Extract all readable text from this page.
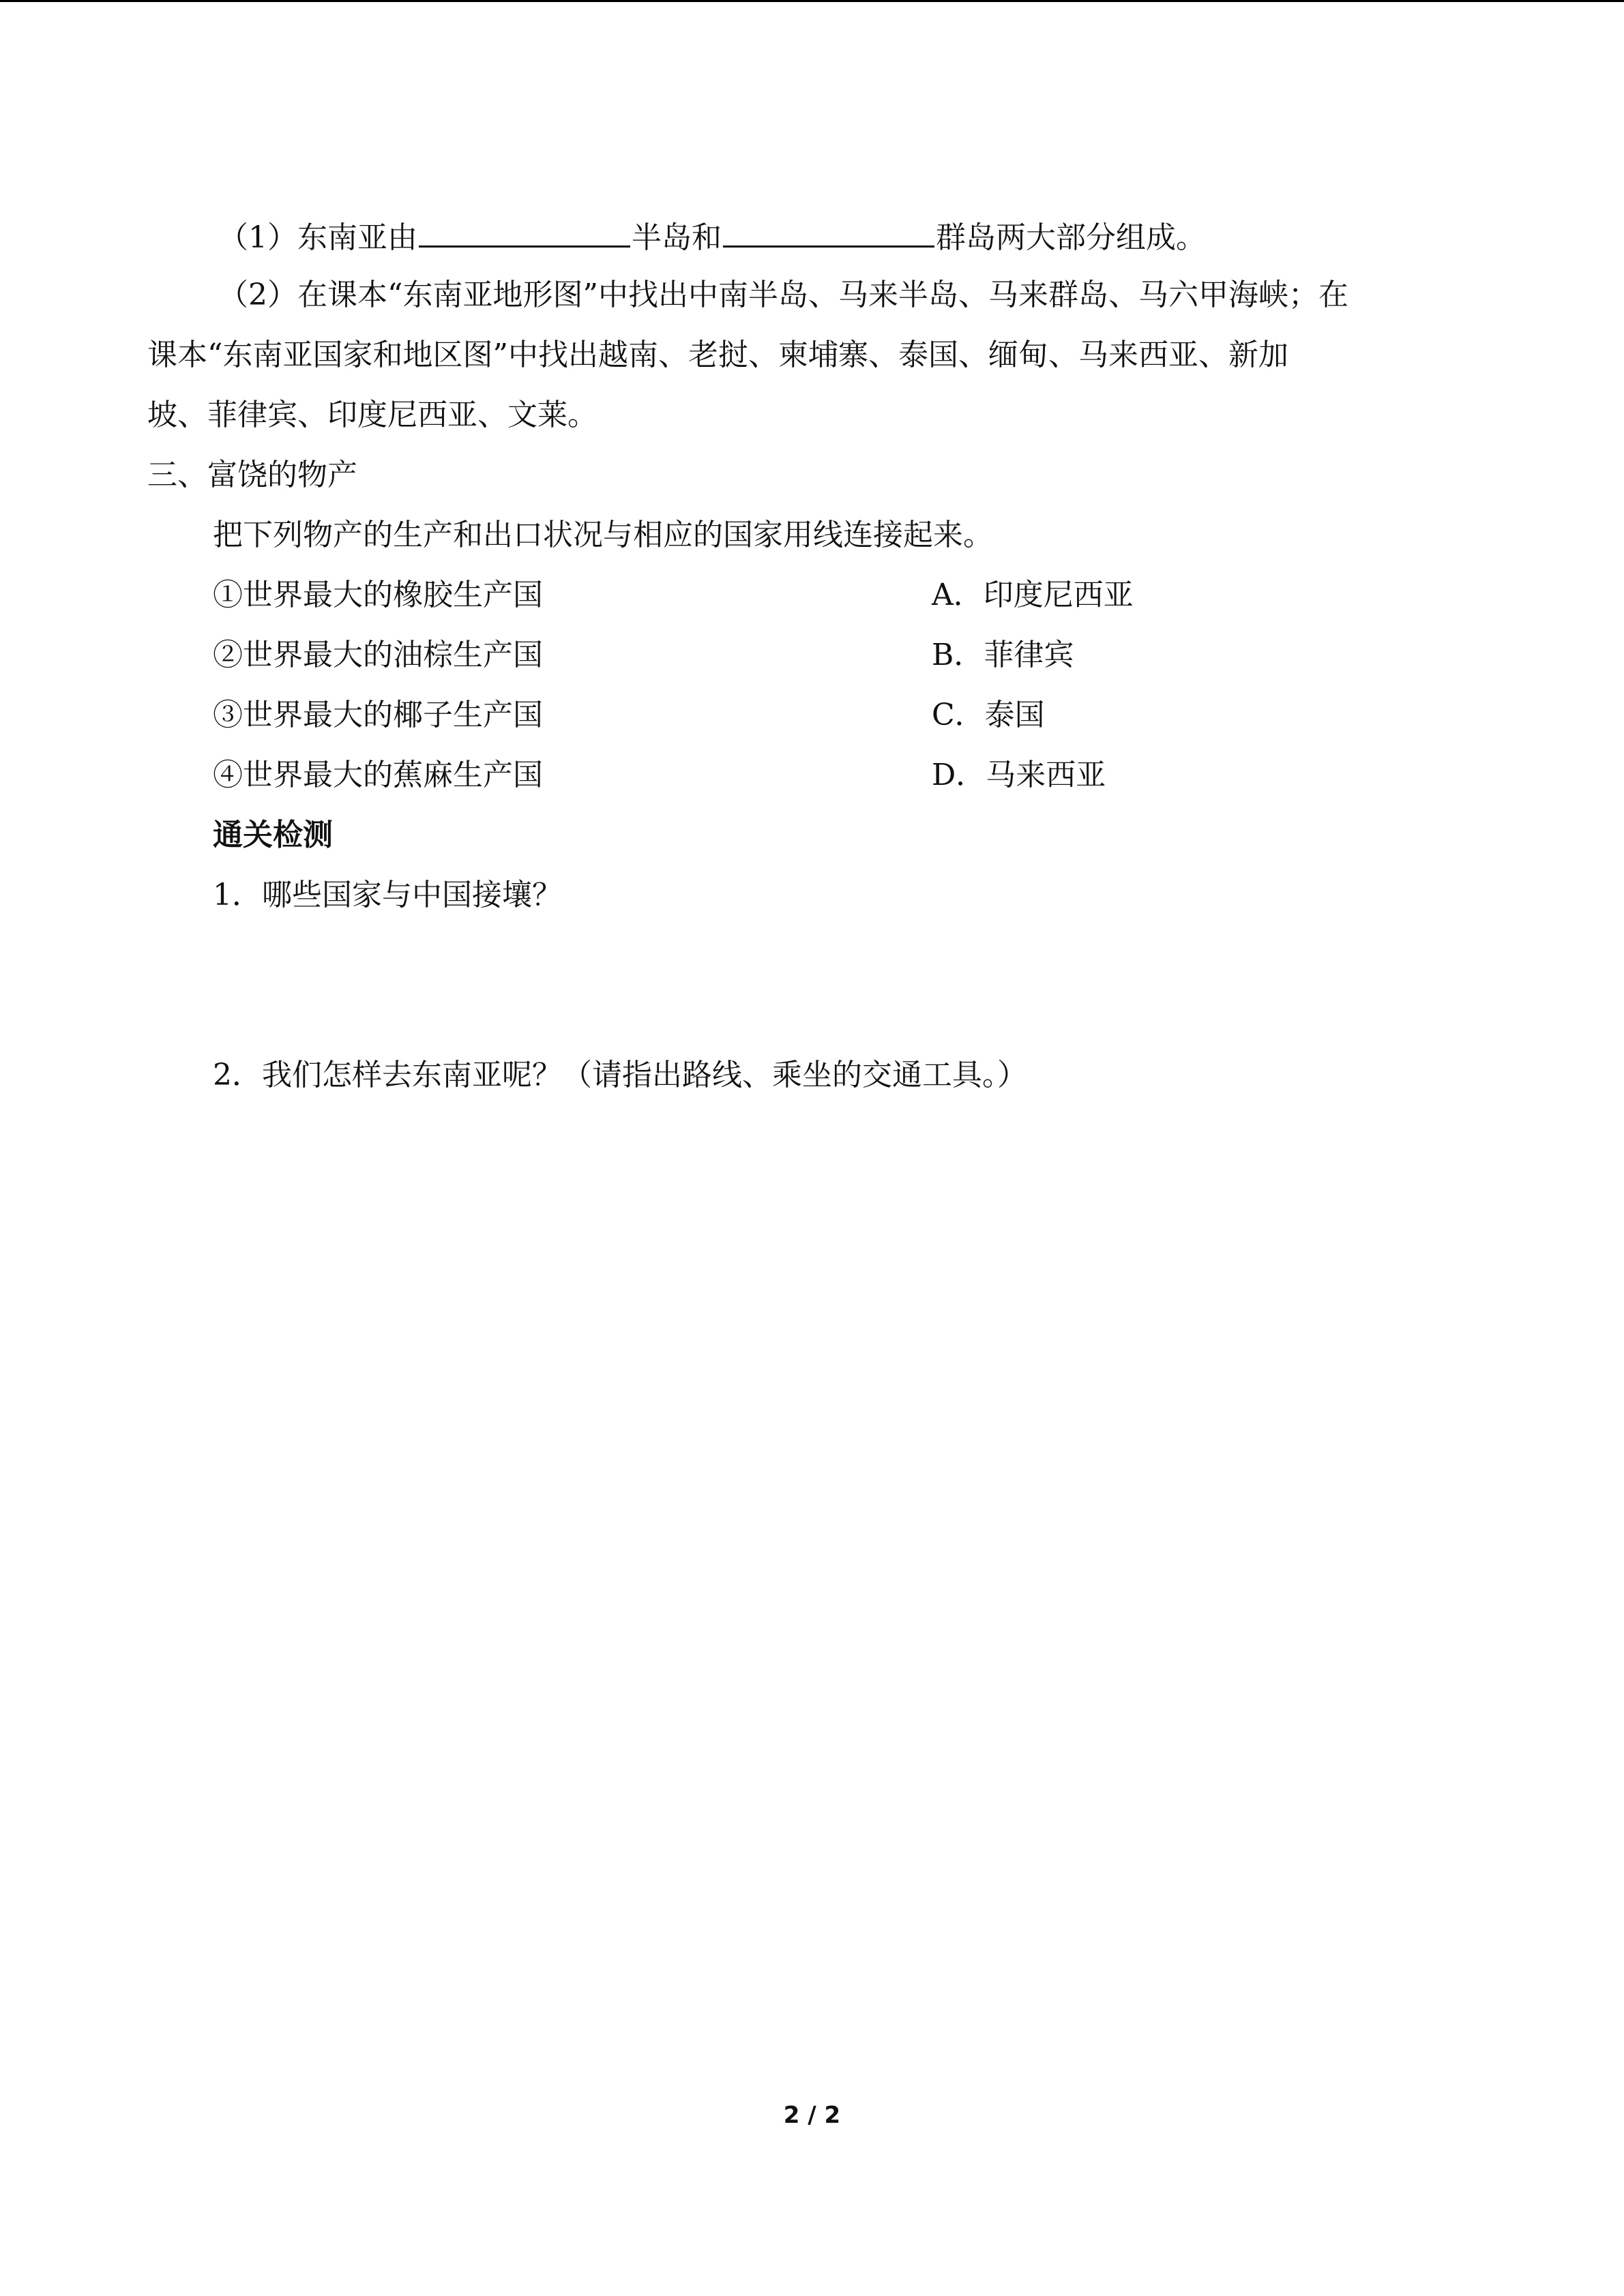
（1）东南亚由	半岛和	群岛两大部分组成。
（2）在课本“东南亚地形图”中找出中南半岛、马来半岛、马来群岛、马六甲海峡；在
课本“东南亚国家和地区图”中找出越南、老挝、柬埔寨、泰国、缅甸、马来西亚、新加
坡、菲律宾、印度尼西亚、文莱。
三、富饶的物产
把下列物产的生产和出口状况与相应的国家用线连接起来。
①世界最大的橡胶生产国	A．印度尼西亚
②世界最大的油棕生产国	B．菲律宾
③世界最大的椰子生产国	C．泰国
④世界最大的蕉麻生产国	D．马来西亚
通关检测
1．哪些国家与中国接壤？
2．我们怎样去东南亚呢？（请指出路线、乘坐的交通工具。）
2 / 2
